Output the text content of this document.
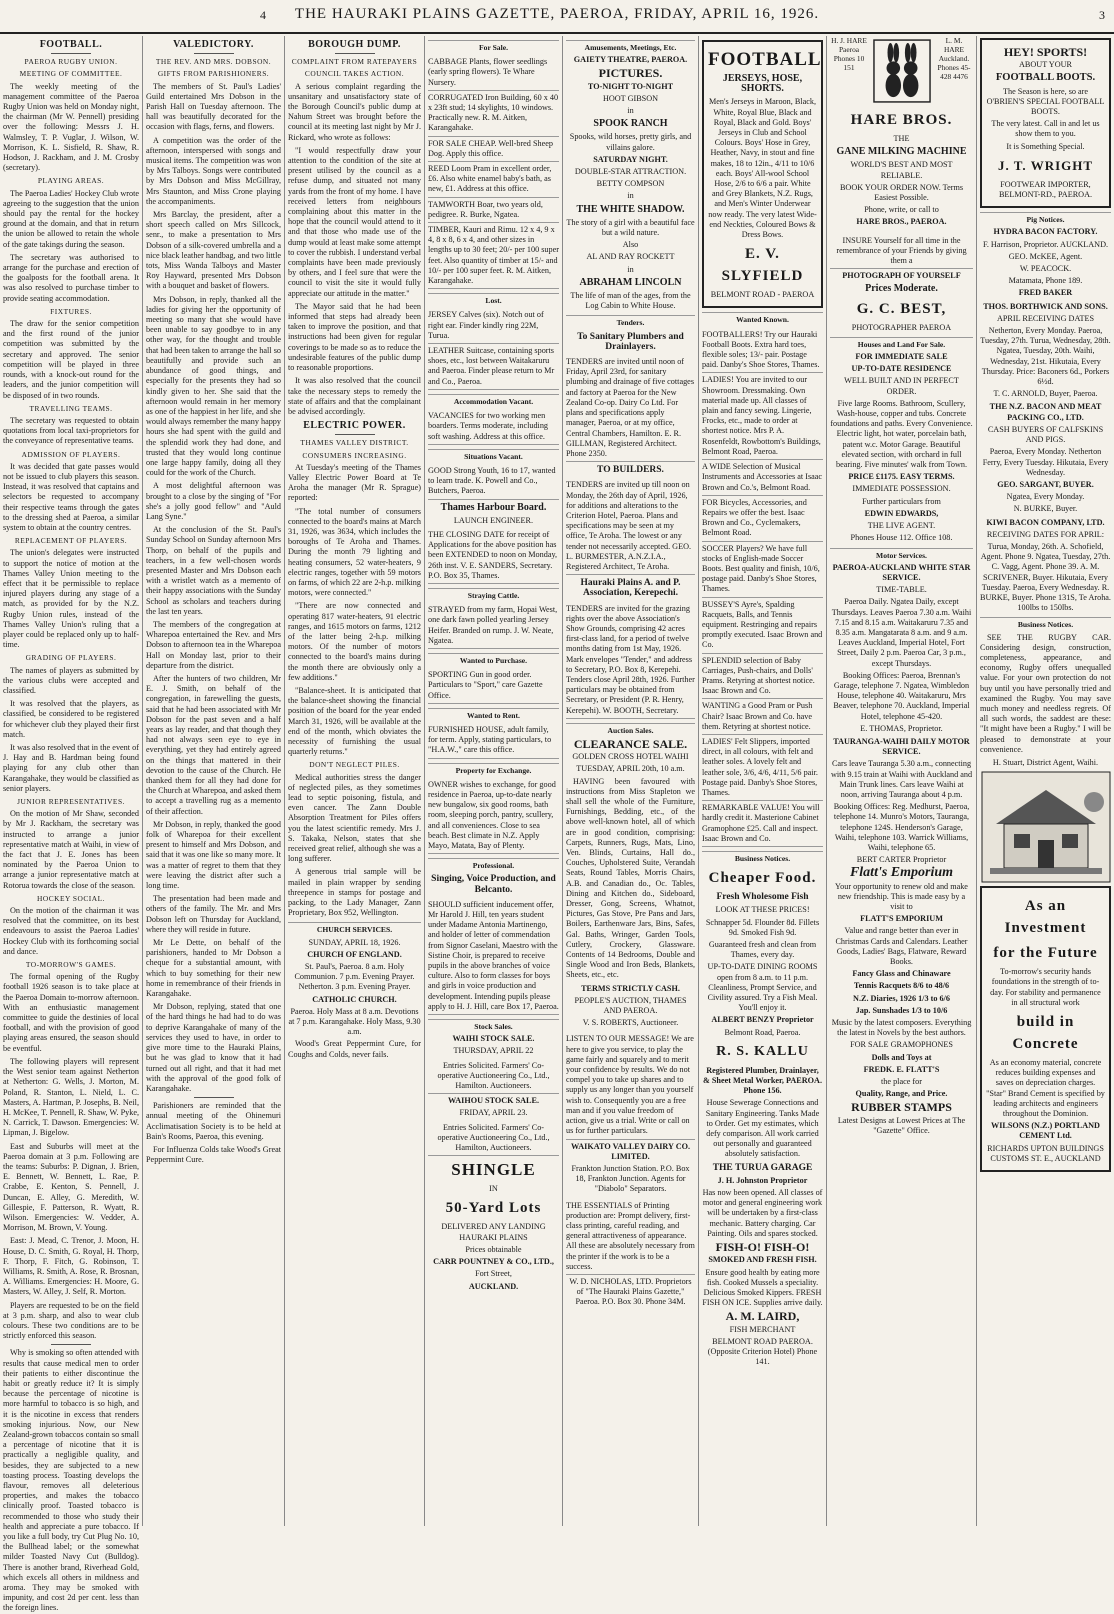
4 THE HAURAKI PLAINS GAZETTE, PAEROA, FRIDAY, APRIL 16, 1926.	3
FOOTBALL.
PAEROA RUGBY UNION.
MEETING OF COMMITTEE.

The weekly meeting of the management committee of the Paeroa Rugby Union was held on Monday night, the chairman (Mr W. Pennell) presiding over the following: Messrs J. H. Walmsley, T. P. Vuglar, J. Wilson, W. Morrison, K. L. Sisfield, R. Shaw, R. Hodson, J. Rackham, and J. M. Crosby (secretary).

PLAYING AREAS.

The Paeroa Ladies' Hockey Club wrote agreeing to the suggestion that the union should pay the rental for the hockey ground at the domain, and that in return the union be allowed to retain the whole of the gate takings during the season.

The secretary was authorised to arrange for the purchase and erection of the goalposts for the football arena. It was also resolved to purchase timber to provide seating accommodation.

FIXTURES.

The draw for the senior competition and the first round of the junior competition was submitted by the secretary and approved. The senior competition will be played in three rounds, with a knock-out round for the leaders, and the junior competition will be disposed of in two rounds.

TRAVELLING TEAMS.

The secretary was requested to obtain quotations from local taxi-proprietors for the conveyance of representative teams.

ADMISSION OF PLAYERS.

It was decided that gate passes would not be issued to club players this season. Instead, it was resolved that captains and selectors be requested to accompany their respective teams through the gates to the dressing shed at Paeroa, a similar system to obtain at the country centres.

REPLACEMENT OF PLAYERS.

The union's delegates were instructed to support the notice of motion at the Thames Valley Union meeting to the effect that it be permissible to replace injured players during any stage of a match, as provided for by the N.Z. Rugby Union rules, instead of the Thames Valley Union's ruling that a player could be replaced only up to half-time.

GRADING OF PLAYERS.

The names of players as submitted by the various clubs were accepted and classified.

It was resolved that the players, as classified, be considered to be registered for whichever club they played their first match.

It was also resolved that in the event of J. Hay and B. Hardman being found playing for any club other than Karangahake, they would be classified as senior players.

JUNIOR REPRESENTATIVES.

On the motion of Mr Shaw, seconded by Mr J. Rackham, the secretary was instructed to arrange a junior representative match at Waihi, in view of the fact that J. E. Jones has been nominated by the Paeroa Union to arrange a junior representative match at Rotorua towards the close of the season.

HOCKEY SOCIAL.

On the motion of the chairman it was resolved that the committee, on its best endeavours to assist the Paeroa Ladies' Hockey Club with its forthcoming social and dance.

TO-MORROW'S GAMES.

The formal opening of the Rugby football 1926 season is to take place at the Paeroa Domain to-morrow afternoon. With an enthusiastic management committee to guide the destinies of local football, and with the provision of good playing areas ensured, the season should be eventful.

The following players will represent the West senior team against Netherton at Netherton: G. Wells, J. Morton, M. Poland, R. Stanton, L. Nield, L. C. Masters, A. Hartman, P. Josephs, B. Neil, H. McKee, T. Pennell, R. Shaw, W. Pyke, N. Carrick, T. Dawson. Emergencies: W. Lipman, J. Bigelow.

East and Suburbs will meet at the Paeroa domain at 3 p.m. Following are the teams: Suburbs: P. Dignan, J. Brien, E. Bennett, W. Bennett, L. Rae, P. Crabbe, E. Kenton, S. Pennell, J. Duncan, E. Alley, G. Meredith, W. Gillespie, F. Patterson, R. Wyatt, R. Wilson. Emergencies: W. Vedder, A. Morrison, M. Brown, V. Young.

East: J. Mead, C. Trenor, J. Moon, H. House, D. C. Smith, G. Royal, H. Thorp, F. Thorp, F. Fitch, G. Robinson, T. Williams, R. Smith, A. Rose, R. Brosnan, A. Williams. Emergencies: H. Moore, G. Masters, W. Alley, J. Self, R. Morton.

Players are requested to be on the field at 3 p.m. sharp, and also to wear club colours. These two conditions are to be strictly enforced this season.

Why is smoking so often attended with results that cause medical men to order their patients to either discontinue the habit or greatly reduce it? It is simply because the percentage of nicotine is more harmful to tobacco is so high, and it is the nicotine in excess that renders smoking injurious. Now, our New Zealand-grown tobaccos contain so small a percentage of nicotine that it is practically a negligible quality, and besides, they are subjected to a new toasting process. Toasting develops the flavour, removes all deleterious properties, and makes the tobacco clinically proof. Toasted tobacco is recommended to those who study their health and appreciate a pure tobacco. If you like a full body, try Cut Plug No. 10, the Bullhead label; or the somewhat milder Toasted Navy Cut (Bulldog). There is another brand, Riverhead Gold, which excels all others in mildness and aroma. They may be smoked with impunity, and cost 2d per cent. less than the foreign lines.

VALEDICTORY.
THE REV. AND MRS. DOBSON.
GIFTS FROM PARISHIONERS.

The members of St. Paul's Ladies' Guild entertained Mrs Dobson in the Parish Hall on Tuesday afternoon. The hall was beautifully decorated for the occasion with flags, ferns, and flowers.

A competition was the order of the afternoon, interspersed with songs and musical items. The competition was won by Mrs Talboys. Songs were contributed by Mrs Dobson and Miss McGillray, Mrs Staunton, and Miss Crone playing the accompaniments.

Mrs Barclay, the president, after a short speech called on Mrs Sillcock, senr., to make a presentation to Mrs Dobson of a silk-covered umbrella and a nice black leather handbag, and two little tots, Miss Wanda Talboys and Master Roy Hayward, presented Mrs Dobson with a bouquet and basket of flowers.

Mrs Dobson, in reply, thanked all the ladies for giving her the opportunity of meeting so many that she would have been unable to say goodbye to in any other way, for the thought and trouble that had been taken to arrange the hall so beautifully and provide such an abundance of good things, and especially for the presents they had so kindly given to her. She said that the afternoon would remain in her memory as one of the happiest in her life, and she would always remember the many happy hours she had spent with the guild and the splendid work they had done, and trusted that they would long continue one large happy family, doing all they could for the work of the Church.

A most delightful afternoon was brought to a close by the singing of "For she's a jolly good fellow" and "Auld Lang Syne."

At the conclusion of the St. Paul's Sunday School on Sunday afternoon Mrs Thorp, on behalf of the pupils and teachers, in a few well-chosen words presented Master and Mrs Dobson each with a wristlet watch as a memento of their happy associations with the Sunday School as scholars and teachers during the last ten years.

The members of the congregation at Wharepoa entertained the Rev. and Mrs Dobson to afternoon tea in the Wharepoa Hall on Monday last, prior to their departure from the district.

After the hunters of two children, Mr E. J. Smith, on behalf of the congregation, in farewelling the guests, said that he had been associated with Mr Dobson for the past seven and a half years as lay reader, and that though they had not always seen eye to eye in everything, yet they had entirely agreed on the things that mattered in their devotion to the cause of the Church. He thanked them for all they had done for the Church at Wharepoa, and asked them to accept a travelling rug as a memento of their affection.

Mr Dobson, in reply, thanked the good folk of Wharepoa for their excellent present to himself and Mrs Dobson, and said that it was one like so many more. It was a matter of regret to them that they were leaving the district after such a long time.

The presentation had been made and others of the family. The Mr. and Mrs Dobson left on Thursday for Auckland, where they will reside in future.

Mr Le Dette, on behalf of the parishioners, handed to Mr Dobson a cheque for a substantial amount, with which to buy something for their new home in remembrance of their friends in Karangahake.

Mr Dobson, replying, stated that one of the hard things he had had to do was to deprive Karangahake of many of the services they used to have, in order to give more time to the Hauraki Plains, but he was glad to know that it had turned out all right, and that it had met with the approval of the good folk of Karangahake.

Parishioners are reminded that the annual meeting of the Ohinemuri Acclimatisation Society is to be held at Bain's Rooms, Paeroa, this evening.

For Influenza Colds take Wood's Great Peppermint Cure.

BOROUGH DUMP.
COMPLAINT FROM RATEPAYERS
COUNCIL TAKES ACTION.

A serious complaint regarding the unsanitary and unsatisfactory state of the Borough Council's public dump at Nahum Street was brought before the council at its meeting last night by Mr J. Rickard, who wrote as follows:

"I would respectfully draw your attention to the condition of the site at present utilised by the council as a refuse dump, and situated not many yards from the front of my home. I have received letters from neighbours complaining about this matter in the hope that the council would attend to it and that those who made use of the dump would at least make some attempt to cover the rubbish. I understand verbal complaints have been made previously by others, and I feel sure that were the council to visit the site it would fully appreciate our attitude in the matter."

The Mayor said that he had been informed that steps had already been taken to improve the position, and that instructions had been given for regular coverings to be made so as to reduce the undesirable features of the public dump to reasonable proportions.

It was also resolved that the council take the necessary steps to remedy the state of affairs and that the complainant be advised accordingly.

ELECTRIC POWER.
THAMES VALLEY DISTRICT.
CONSUMERS INCREASING.

At Tuesday's meeting of the Thames Valley Electric Power Board at Te Aroha the manager (Mr R. Sprague) reported:

"The total number of consumers connected to the board's mains at March 31, 1926, was 3634, which includes the boroughs of Te Aroha and Thames. During the month 79 lighting and heating consumers, 52 water-heaters, 9 electric ranges, together with 59 motors on farms, of which 22 are 2-h.p. milking motors, were connected."

"There are now connected and operating 817 water-heaters, 91 electric ranges, and 1615 motors on farms, 1212 of the latter being 2-h.p. milking motors. Of the number of motors connected to the board's mains during the month there are obviously only a few additions."

"Balance-sheet. It is anticipated that the balance-sheet showing the financial position of the board for the year ended March 31, 1926, will be available at the end of the month, which obviates the necessity of furnishing the usual quarterly returns."

DON'T NEGLECT PILES.

Medical authorities stress the danger of neglected piles, as they sometimes lead to septic poisoning, fistula, and even cancer. The Zann Double Absorption Treatment for Piles offers you the latest scientific remedy. Mrs J. S. Takaka, Nelson, states that she received great relief, although she was a long sufferer.

A generous trial sample will be mailed in plain wrapper by sending threepence in stamps for postage and packing, to the Lady Manager, Zann Proprietary, Box 952, Wellington.

CHURCH SERVICES.
SUNDAY, APRIL 18, 1926.
CHURCH OF ENGLAND.
St. Paul's, Paeroa. 8 a.m. Holy Communion. 7 p.m. Evening Prayer. Netherton. 3 p.m. Evening Prayer.
CATHOLIC CHURCH.
Paeroa. Holy Mass at 8 a.m. Devotions at 7 p.m. Karangahake. Holy Mass, 9.30 a.m.

Wood's Great Peppermint Cure, for Coughs and Colds, never fails.

For Sale.
CABBAGE Plants, flower seedlings (early spring flowers). Te Whare Nursery.
CORRUGATED Iron Building, 60 x 40 x 23ft stud; 14 skylights, 10 windows. Practically new. R. M. Aitken, Karangahake.
FOR SALE CHEAP. Well-bred Sheep Dog. Apply this office.
REED Loom Pram in excellent order, £6. Also white enamel baby's bath, as new, £1. Address at this office.
TAMWORTH Boar, two years old, pedigree. R. Burke, Ngatea.
TIMBER, Kauri and Rimu. 12 x 4, 9 x 4, 8 x 8, 6 x 4, and other sizes in lengths up to 30 feet; 20/- per 100 super feet. Also quantity of timber at 15/- and 10/- per 100 super feet. R. M. Aitken, Karangahake.
Lost.
JERSEY Calves (six). Notch out of right ear. Finder kindly ring 22M, Turua.
LEATHER Suitcase, containing sports shoes, etc., lost between Waitakaruru and Paeroa. Finder please return to Mr and Co., Paeroa.
Accommodation Vacant.
VACANCIES for two working men boarders. Terms moderate, including soft washing. Address at this office.
Situations Vacant.
GOOD Strong Youth, 16 to 17, wanted to learn trade. K. Powell and Co., Butchers, Paeroa.
Thames Harbour Board.
LAUNCH ENGINEER.
THE CLOSING DATE for receipt of Applications for the above position has been EXTENDED to noon on Monday, 26th inst. V. E. SANDERS, Secretary. P.O. Box 35, Thames.
Straying Cattle.
STRAYED from my farm, Hopai West, one dark fawn polled yearling Jersey Heifer. Branded on rump. J. W. Neate, Ngatea.
Wanted to Purchase.
SPORTING Gun in good order. Particulars to "Sport," care Gazette Office.
Wanted to Rent.
FURNISHED HOUSE, adult family, for term. Apply, stating particulars, to "H.A.W.," care this office.
Property for Exchange.
OWNER wishes to exchange, for good residence in Paeroa, up-to-date nearly new bungalow, six good rooms, bath room, sleeping porch, pantry, scullery, and all conveniences. Close to sea beach. Best climate in N.Z. Apply Mayo, Matata, Bay of Plenty.
Professional.
Singing, Voice Production, and Belcanto.
SHOULD sufficient inducement offer, Mr Harold J. Hill, ten years student under Madame Antonia Martinengo, and holder of letter of commendation from Signor Caselani, Maestro with the Sistine Choir, is prepared to receive pupils in the above branches of voice culture. Also to form classes for boys and girls in voice production and development. Intending pupils please apply to H. J. Hill, care Box 17, Paeroa.
Stock Sales.
WAIHI STOCK SALE.
THURSDAY, APRIL 22
Entries Solicited. Farmers' Co-operative Auctioneering Co., Ltd., Hamilton. Auctioneers.
WAIHOU STOCK SALE.
FRIDAY, APRIL 23.
Entries Solicited. Farmers' Co-operative Auctioneering Co., Ltd., Hamilton, Auctioneers.
SHINGLE
IN
50-Yard Lots
DELIVERED ANY LANDING HAURAKI PLAINS
Prices obtainable
CARR POUNTNEY & CO., LTD.,
Fort Street,
AUCKLAND.
Amusements, Meetings, Etc.
GAIETY THEATRE, PAEROA.
PICTURES.
TO-NIGHT TO-NIGHT
HOOT GIBSON
in
SPOOK RANCH
Spooks, wild horses, pretty girls, and villains galore.
SATURDAY NIGHT.
DOUBLE-STAR ATTRACTION.
BETTY COMPSON
in
THE WHITE SHADOW.
The story of a girl with a beautiful face but a wild nature.
Also
AL AND RAY ROCKETT
in
ABRAHAM LINCOLN
The life of man of the ages, from the Log Cabin to White House.
Tenders.
To Sanitary Plumbers and Drainlayers.
TENDERS are invited until noon of Friday, April 23rd, for sanitary plumbing and drainage of five cottages and factory at Paeroa for the New Zealand Co-op. Dairy Co Ltd. For plans and specifications apply manager, Paeroa, or at my office, Central Chambers, Hamilton. E. R. GILLMAN, Registered Architect. Phone 2350.
TO BUILDERS.
TENDERS are invited up till noon on Monday, the 26th day of April, 1926, for additions and alterations to the Criterion Hotel, Paeroa. Plans and specifications may be seen at my office, Te Aroha. The lowest or any tender not necessarily accepted. GEO. L. BURMESTER, A.N.Z.I.A., Registered Architect, Te Aroha.
Hauraki Plains A. and P. Association, Kerepechi.
TENDERS are invited for the grazing rights over the above Association's Show Grounds, comprising 42 acres first-class land, for a period of twelve months dating from 1st May, 1926. Mark envelopes "Tender," and address to Secretary, P.O. Box 8, Kerepehi. Tenders close April 28th, 1926. Further particulars may be obtained from Secretary, or President (P. R. Henry, Kerepehi). W. BOOTH, Secretary.
Auction Sales.
CLEARANCE SALE.
GOLDEN CROSS HOTEL WAIHI
TUESDAY, APRIL 20th, 10 a.m.

HAVING been favoured with instructions from Miss Stapleton we shall sell the whole of the Furniture, Furnishings, Bedding, etc., of the above well-known hotel, all of which are in good condition, comprising: Carpets, Runners, Rugs, Mats, Lino, Ven. Blinds, Curtains, Hall do., Couches, Upholstered Suite, Verandah Seats, Round Tables, Morris Chairs, A.B. and Canadian do., Oc. Tables, Dining and Kitchen do., Sideboard, Dresser, Gong, Screens, Whatnot, Pictures, Gas Stove, Pre Pans and Jars, Boilers, Earthenware Jars, Bins, Safes, Gal. Baths, Wringer, Garden Tools, Cutlery, Crockery, Glassware. Contents of 14 Bedrooms, Double and Single Wood and Iron Beds, Blankets, Sheets, etc., etc.

TERMS STRICTLY CASH.
PEOPLE'S AUCTION, THAMES AND PAEROA.
V. S. ROBERTS, Auctioneer.
LISTEN TO OUR MESSAGE! We are here to give you service, to play the game fairly and squarely and to merit your confidence by results. We do not compel you to take up shares and to supply us any longer than you yourself wish to. Consequently you are a free man and if you value freedom of action, give us a trial. Write or call on us for further particulars.
WAIKATO VALLEY DAIRY CO. LIMITED.
Frankton Junction Station. P.O. Box 18, Frankton Junction. Agents for "Diabolo" Separators.
THE ESSENTIALS of Printing production are: Prompt delivery, first-class printing, careful reading, and general attractiveness of appearance. All these are absolutely necessary from the printer if the work is to be a success.
W. D. NICHOLAS, LTD. Proprietors of "The Hauraki Plains Gazette," Paeroa. P.O. Box 30. Phone 34M.
FOOTBALL
JERSEYS, HOSE, SHORTS.
Men's Jerseys in Maroon, Black, White, Royal Blue, Black and Royal, Black and Gold. Boys' Jerseys in Club and School Colours. Boys' Hose in Grey, Heather, Navy, in stout and fine makes, 18 to 12in., 4/11 to 10/6 each. Boys' All-wool School Hose, 2/6 to 6/6 a pair. White and Grey Blankets, N.Z. Rugs, and Men's Winter Underwear now ready. The very latest Wide-end Neckties, Coloured Bows & Dress Bows.
E. V. SLYFIELD
BELMONT ROAD - PAEROA
Wanted Known.
FOOTBALLERS! Try our Hauraki Football Boots. Extra hard toes, flexible soles; 13/- pair. Postage paid. Danby's Shoe Stores, Thames.
LADIES! You are invited to our Showroom. Dressmaking. Own material made up. All classes of plain and fancy sewing. Lingerie, Frocks, etc., made to order at shortest notice. Mrs P. A. Rosenfeldt, Rowbottom's Buildings, Belmont Road, Paeroa.
A WIDE Selection of Musical Instruments and Accessories at Isaac Brown and Co.'s, Belmont Road.
FOR Bicycles, Accessories, and Repairs we offer the best. Isaac Brown and Co., Cyclemakers, Belmont Road.
SOCCER Players? We have full stocks of English-made Soccer Boots. Best quality and finish, 10/6, postage paid. Danby's Shoe Stores, Thames.
BUSSEY'S Ayre's, Spalding Racquets, Balls, and Tennis equipment. Restringing and repairs promptly executed. Isaac Brown and Co.
SPLENDID selection of Baby Carriages, Push-chairs, and Dolls' Prams. Retyring at shortest notice. Isaac Brown and Co.
WANTING a Good Pram or Push Chair? Isaac Brown and Co. have them. Retyring at shortest notice.
LADIES' Felt Slippers, imported direct, in all colours, with felt and leather soles. A lovely felt and leather sole, 3/6, 4/6, 4/11, 5/6 pair. Postage paid. Danby's Shoe Stores, Thames.
REMARKABLE VALUE! You will hardly credit it. Masterione Cabinet Gramophone £25. Call and inspect. Isaac Brown and Co.
Business Notices.
Cheaper Food.
Fresh Wholesome Fish
LOOK AT THESE PRICES!
Schnapper 5d. Flounder 8d. Fillets 9d. Smoked Fish 9d.
Guaranteed fresh and clean from Thames, every day.
UP-TO-DATE DINING ROOMS open from 8 a.m. to 11 p.m. Cleanliness, Prompt Service, and Civility assured. Try a Fish Meal. You'll enjoy it.
ALBERT BENZY Proprietor
Belmont Road, Paeroa.
R. S. KALLU
Registered Plumber, Drainlayer, & Sheet Metal Worker, PAEROA. Phone 156.
House Sewerage Connections and Sanitary Engineering. Tanks Made to Order. Get my estimates, which defy comparison. All work carried out personally and guaranteed absolutely satisfaction.
THE TURUA GARAGE
J. H. Johnston Proprietor
Has now been opened. All classes of motor and general engineering work will be undertaken by a first-class mechanic. Battery charging. Car Painting. Oils and spares stocked.
FISH-O! FISH-O!
SMOKED AND FRESH FISH.
Ensure good health by eating more fish. Cooked Mussels a speciality. Delicious Smoked Kippers. FRESH FISH ON ICE. Supplies arrive daily.
A. M. LAIRD,
FISH MERCHANT
BELMONT ROAD PAEROA. (Opposite Criterion Hotel) Phone 141.
H. J. HARE Paeroa Phones 10 151
L. M. HARE Auckland. Phones 45-428 4476
HARE BROS.
THE
GANE MILKING MACHINE
WORLD'S BEST AND MOST RELIABLE.
BOOK YOUR ORDER NOW. Terms Easiest Possible.
Phone, write, or call to
HARE BROS., PAEROA.
INSURE Yourself for all time in the remembrance of your Friends by giving them a
PHOTOGRAPH OF YOURSELF
Prices Moderate.
G. C. BEST,
PHOTOGRAPHER PAEROA
Houses and Land For Sale.
FOR IMMEDIATE SALE
UP-TO-DATE RESIDENCE
WELL BUILT AND IN PERFECT ORDER.
Five large Rooms. Bathroom, Scullery, Wash-house, copper and tubs. Concrete foundations and paths. Every Convenience. Electric light, hot water, porcelain bath, patent w.c. Motor Garage. Beautiful elevated section, with orchard in full bearing. Five minutes' walk from Town.
PRICE £1175. EASY TERMS.
IMMEDIATE POSSESSION.
Further particulars from
EDWIN EDWARDS,
THE LIVE AGENT.
Phones House 112. Office 108.
Motor Services.
PAEROA-AUCKLAND WHITE STAR SERVICE.
TIME-TABLE.
Paeroa Daily. Ngatea Daily, except Thursdays. Leaves Paeroa 7.30 a.m. Waihi 7.15 and 8.15 a.m. Waitakaruru 7.35 and 8.35 a.m. Mangatarata 8 a.m. and 9 a.m. Leaves Auckland, Imperial Hotel, Fort Street, Daily 2 p.m. Paeroa Car, 3 p.m., except Thursdays.
Booking Offices: Paeroa, Brennan's Garage, telephone 7. Ngatea, Wimbledon House, telephone 40. Waitakaruru, Mrs Beaver, telephone 70. Auckland, Imperial Hotel, telephone 45-420.
E. THOMAS, Proprietor.
TAURANGA-WAIHI DAILY MOTOR SERVICE.
Cars leave Tauranga 5.30 a.m., connecting with 9.15 train at Waihi with Auckland and Main Trunk lines. Cars leave Waihi at noon, arriving Tauranga about 4 p.m.
Booking Offices: Reg. Medhurst, Paeroa, telephone 14. Munro's Motors, Tauranga, telephone 124S. Henderson's Garage, Waihi, telephone 103. Warrick Williams, Waihi, telephone 65.
BERT CARTER Proprietor
Flatt's Emporium
Your opportunity to renew old and make new friendship. This is made easy by a visit to
FLATT'S EMPORIUM
Value and range better than ever in Christmas Cards and Calendars. Leather Goods, Ladies' Bags, Flatware, Reward Books.
Fancy Glass and Chinaware
Tennis Racquets 8/6 to 48/6
N.Z. Diaries, 1926 1/3 to 6/6
Jap. Sunshades 1/3 to 10/6
Music by the latest composers. Everything the latest in Novels by the best authors.
FOR SALE GRAMOPHONES
Dolls and Toys at
FREDK. E. FLATT'S
the place for
Quality, Range, and Price.
RUBBER STAMPS
Latest Designs at Lowest Prices at The "Gazette" Office.
HEY! SPORTS!
ABOUT YOUR
FOOTBALL BOOTS.
The Season is here, so are O'BRIEN'S SPECIAL FOOTBALL BOOTS.
The very latest. Call in and let us show them to you.
It is Something Special.
J. T. WRIGHT
FOOTWEAR IMPORTER, BELMONT-RD., PAEROA.
Pig Notices.
HYDRA BACON FACTORY.
F. Harrison, Proprietor. AUCKLAND.
GEO. McKEE, Agent.
W. PEACOCK.
Matamata, Phone 189.
FRED BAKER
THOS. BORTHWICK AND SONS.
APRIL RECEIVING DATES
Netherton, Every Monday. Paeroa, Tuesday, 27th. Turua, Wednesday, 28th. Ngatea, Tuesday, 20th. Waihi, Wednesday, 21st. Hikutaia, Every Thursday. Price: Baconers 6d., Porkers 6½d.
T. C. ARNOLD, Buyer, Paeroa.
THE N.Z. BACON AND MEAT PACKING CO., LTD.
CASH BUYERS OF CALFSKINS AND PIGS.
Paeroa, Every Monday. Netherton Ferry, Every Tuesday. Hikutaia, Every Wednesday.
GEO. SARGANT, BUYER.
Ngatea, Every Monday.
N. BURKE, Buyer.
KIWI BACON COMPANY, LTD.
RECEIVING DATES FOR APRIL:
Turua, Monday, 26th. A. Schofield, Agent. Phone 9. Ngatea, Tuesday, 27th. C. Vagg, Agent. Phone 39. A. M. SCRIVENER, Buyer. Hikutaia, Every Tuesday. Paeroa, Every Wednesday. R. BURKE, Buyer. Phone 131S, Te Aroha. 100lbs to 150lbs.
Business Notices.

SEE THE RUGBY CAR. Considering design, construction, completeness, appearance, and economy, Rugby offers unequalled value. For your own protection do not buy until you have personally tried and examined the Rugby. You may save much money and needless regrets. Of all such words, the saddest are these: "It might have been a Rugby." I will be pleased to demonstrate at your convenience.

H. Stuart, District Agent, Waihi.
As an Investment
for the Future
To-morrow's security hands foundations in the strength of to-day. For stability and permanence in all structural work
build in Concrete
As an economy material, concrete reduces building expenses and saves on depreciation charges. "Star" Brand Cement is specified by leading architects and engineers throughout the Dominion.
WILSONS (N.Z.) PORTLAND CEMENT Ltd.
RICHARDS UPTON BUILDINGS CUSTOMS ST. E., AUCKLAND
